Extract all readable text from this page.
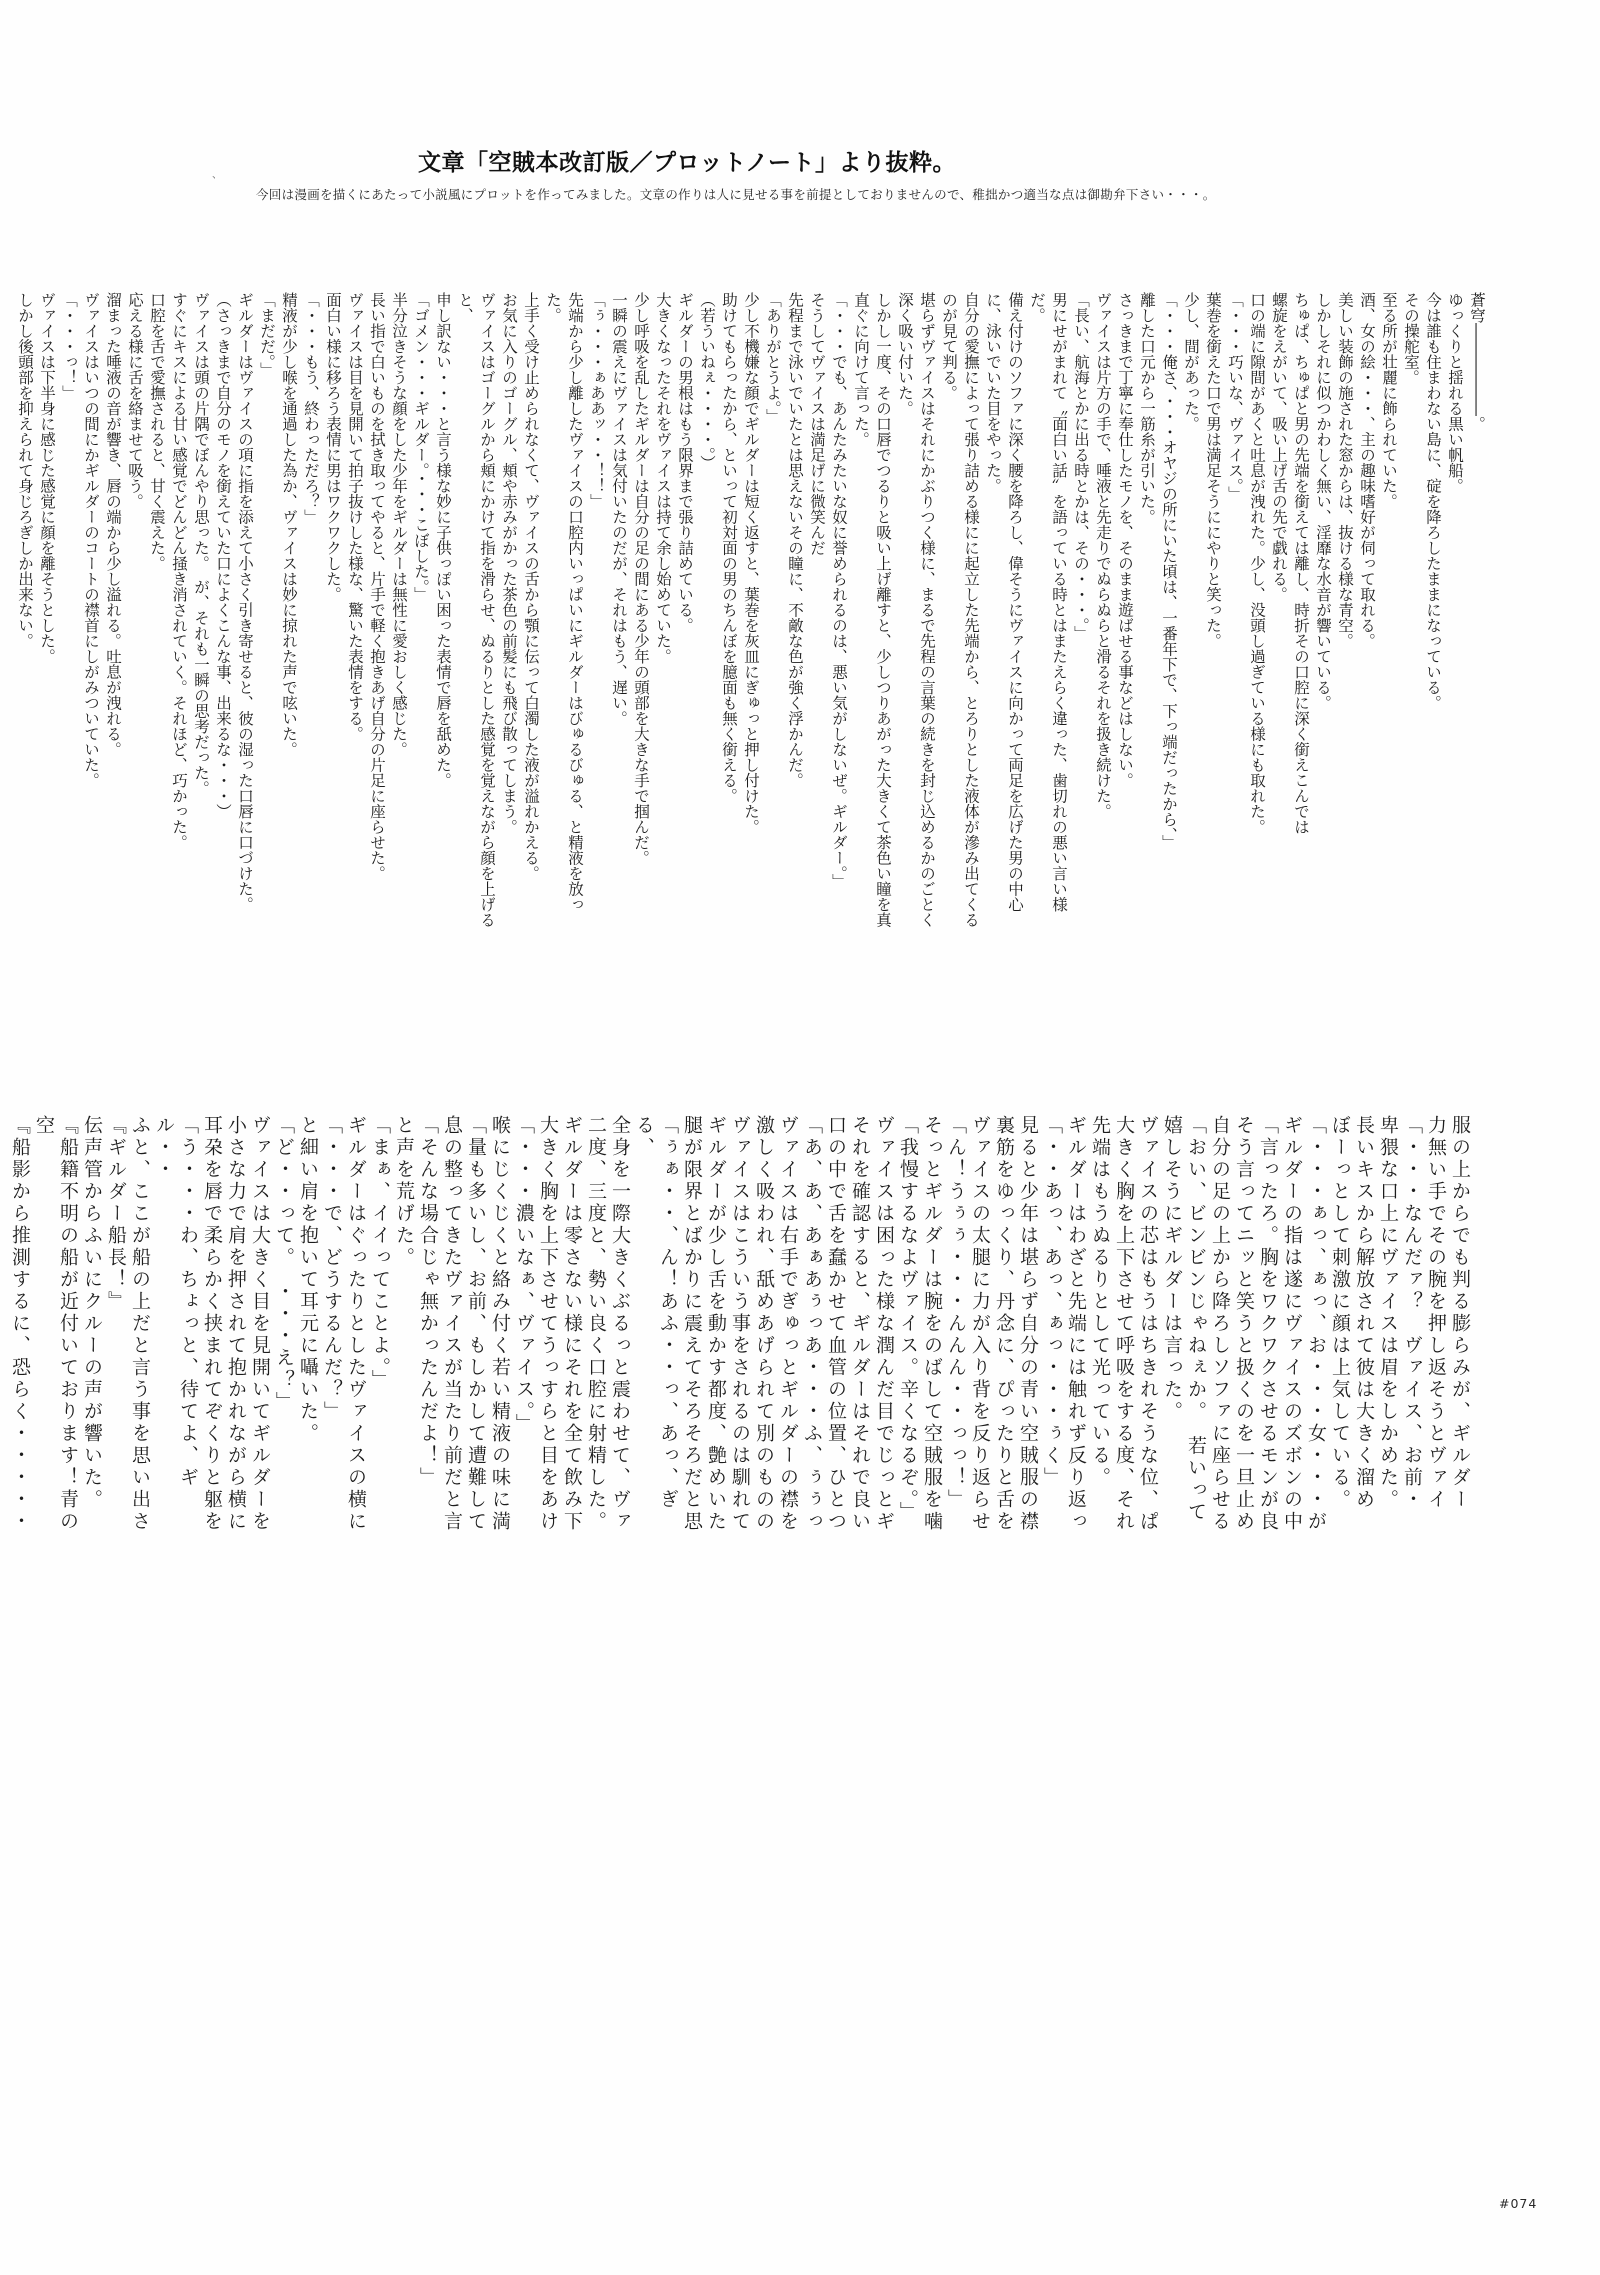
、	文章「空賊本改訂版／プロットノート」より抜粋。
今回は漫画を描くにあたって小説風にプロットを作ってみました。文章の作りは人に見せる事を前提としておりませんので、稚拙かつ適当な点は御勘弁下さい・・・。

蒼穹――――――。

ゆっくりと揺れる黒い帆船。

今は誰も住まわない島に、碇を降ろしたままになっている。

その操舵室。

至る所が壮麗に飾られていた。

酒、女の絵・・・、主の趣味嗜好が伺って取れる。

美しい装飾の施された窓からは、抜ける様な青空。

しかしそれに似つかわしく無い、淫靡な水音が響いている。

ちゅぱ、ちゅぱと男の先端を銜えては離し、時折その口腔に深く銜えこんでは

螺旋をえがいて、吸い上げ舌の先で戯れる。

口の端に隙間があくと吐息が洩れた。少し、没頭し過ぎている様にも取れた。

「・・・巧いな、ヴァイス。」

葉巻を銜えた口で男は満足そうににやりと笑った。

少し、間があった。

「・・・俺さ、・・・オヤジの所にいた頃は、一番年下で、下っ端だったから、」

離した口元から一筋糸が引いた。

さっきまで丁寧に奉仕したモノを、そのまま遊ばせる事などはしない。

ヴァイスは片方の手で、唾液と先走りでぬらぬらと滑るそれを扱き続けた。

「長い、航海とかに出る時とかは、その・・・。」

男にせがまれて〝面白い話〟を語っている時とはまたえらく違った、歯切れの悪い言い様だ。

備え付けのソファに深く腰を降ろし、偉そうにヴァイスに向かって両足を広げた男の中心に、泳いでいた目をやった。

自分の愛撫によって張り詰める様にに起立した先端から、とろりとした液体が滲み出てくるのが見て判る。

堪らずヴァイスはそれにかぶりつく様に、まるで先程の言葉の続きを封じ込めるかのごとく深く吸い付いた。

しかし一度、その口唇でつるりと吸い上げ離すと、少しつりあがった大きくて茶色い瞳を真直ぐに向けて言った。

「・・・でも、あんたみたいな奴に誉められるのは、悪い気がしないぜ。ギルダー。」

そうしてヴァイスは満足げに微笑んだ

先程まで泳いでいたとは思えないその瞳に、不敵な色が強く浮かんだ。

「ありがとうよ。」

少し不機嫌な顔でギルダーは短く返すと、葉巻を灰皿にぎゅっと押し付けた。

助けてもらったから、といって初対面の男のちんぼを臆面も無く銜える。

（若ういねぇ・・・・。）

ギルダーの男根はもう限界まで張り詰めている。

大きくなったそれをヴァイスは持て余し始めていた。

少し呼吸を乱したギルダーは自分の足の間にある少年の頭部を大きな手で掴んだ。

一瞬の震えにヴァイスは気付いたのだが、それはもう、遅い。

「ぅ・・・ぁああッ・・！！」

先端から少し離したヴァイスの口腔内いっぱいにギルダーはびゅるびゅる、と精液を放った。

上手く受け止められなくて、ヴァイスの舌から顎に伝って白濁した液が溢れかえる。

お気に入りのゴーグル、頬や赤みがかった茶色の前髪にも飛び散ってしまう。

ヴァイスはゴーグルから頬にかけて指を滑らせ、ぬるりとした感覚を覚えながら顔を上げると、

申し訳ない・・・と言う様な妙に子供っぽい困った表情で唇を舐めた。

「ゴメン・・・ギルダー。・・・こぼした。」

半分泣きそうな顔をした少年をギルダーは無性に愛おしく感じた。

長い指で白いものを拭き取ってやると、片手で軽く抱きあげ自分の片足に座らせた。

ヴァイスは目を見開いて拍子抜けした様な、驚いた表情をする。

面白い様に移ろう表情に男はワクワクした。

「・・・もう、終わっただろ？」

精液が少し喉を通過した為か、ヴァイスは妙に掠れた声で呟いた。

「まだだ。」

ギルダーはヴァイスの項に指を添えて小さく引き寄せると、彼の湿った口唇に口づけた。

（さっきまで自分のモノを銜えていた口によくこんな事、出来るな・・・）

ヴァイスは頭の片隅でぼんやり思った。　が、それも一瞬の思考だった。

すぐにキスによる甘い感覚でどんどん掻き消されていく。それほど、巧かった。

口腔を舌で愛撫されると、甘く震えた。

応える様に舌を絡ませて吸う。

溜まった唾液の音が響き、唇の端から少し溢れる。吐息が洩れる。

ヴァイスはいつの間にかギルダーのコートの襟首にしがみついていた。

「・・・っ！」

ヴァイスは下半身に感じた感覚に顔を離そうとした。

しかし後頭部を抑えられて身じろぎしか出来ない。

服の上からでも判る膨らみが、ギルダー

力無い手でその腕を押し返そうとヴァイ

「・・・なんだァ？　ヴァイス、お前・

卑猥な口上にヴァイスは眉をしかめた。

長いキスから解放されて彼は大きく溜め

ぼーっとして刺激に顔は上気している。

「・・・ぁっ、ぁっ、お・・・女・・・が

ギルダーの指は遂にヴァイスのズボンの中

「言ったろ。胸をワクワクさせるモンが良

そう言ってニッと笑うと扱くのを一旦止め

自分の足の上から降ろしソファに座らせる

「おい、ビンビンじゃねぇか。　若いって

嬉しそうにギルダーは言った。

ヴァイスの芯はもうはちきれそうな位、ぱ

大きく胸を上下させて呼吸をする度、それ

先端はもうぬるりとして光っている。

ギルダーはわざと先端には触れず反り返っ

「・・あっ、あっ、ぁっ・・・ぅく」

見ると少年は堪らず自分の青い空賊服の襟

裏筋をゆっくり、丹念に、ぴったりと舌を

ヴァイスの太腿に力が入り背を反り返らせ

「ん！うぅぅ・・・んんん・・っっ！」

そっとギルダーは腕をのばして空賊服を噛

「我慢するなよヴァイス。辛くなるぞ。」

ヴァイスは困った様な潤んだ目でじっとギ

それを確認すると、ギルダーはそれで良い

口の中で舌を蠢かせて血管の位置、ひとつ

「あ、あ、あぁあぅっあ・・・ふ、ぅぅっ

ヴァイスは右手でぎゅっとギルダーの襟を

激しく吸われ、舐めあげられて別のものの

ヴァイスはこういう事をされるのは馴れて

ギルダーが少し舌を動かす都度、艶めいた

腿が限界とばかりに震えてそろそろだと思

「ぅぁ・・、ん！あふ・・っ、あっ、ぎる、

全身を一際大きくぶるっと震わせて、ヴァ

二度、三度と、勢い良く口腔に射精した。

ギルダーは零さない様にそれを全て飲み下

大きく胸を上下させてうっすらと目をあけ

「・・・濃いなぁ、ヴァイス。」

喉にじくじくと絡み付く若い精液の味に満

「量も多いし、お前、もしかして遭難して

息の整ってきたヴァイスが当たり前だと言

「そんな場合じゃ無かったんだよ！」

と声を荒げた。

「まぁ、イイってことよ。」

ギルダーはぐったりとしたヴァイスの横に

「・・・で、どうするんだ？」

と細い肩を抱いて耳元に囁いた。

「ど・・って。　・・・え？」

ヴァイスは大きく目を見開いてギルダーを

小さな力で肩を押されて抱かれながら横に

耳朶を唇で柔らかく挟まれてぞくりと躯を

「う・・・わ、ちょっと、待てよ、ギル・・

ふと、ここが船の上だと言う事を思い出さ

『ギルダー船長！』

伝声管からふいにクルーの声が響いた。

『船籍不明の船が近付いております！青の空

『船影から推測するに、恐らく・・・・・

#074
